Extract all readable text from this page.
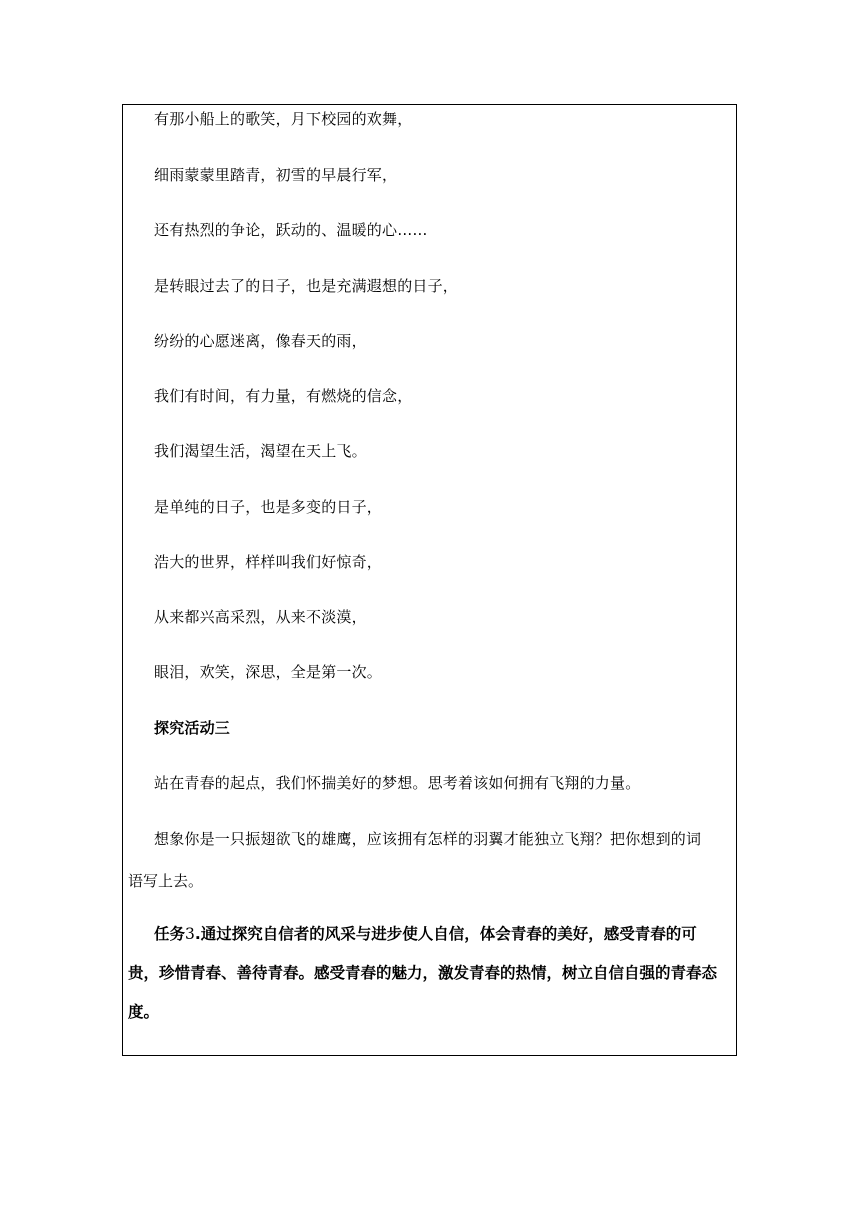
有那小船上的歌笑，月下校园的欢舞，
细雨蒙蒙里踏青，初雪的早晨行军，
还有热烈的争论，跃动的、温暖的心……
是转眼过去了的日子，也是充满遐想的日子，
纷纷的心愿迷离，像春天的雨，
我们有时间，有力量，有燃烧的信念，
我们渴望生活，渴望在天上飞。
是单纯的日子，也是多变的日子，
浩大的世界，样样叫我们好惊奇，
从来都兴高采烈，从来不淡漠，
眼泪，欢笑，深思，全是第一次。
探究活动三
站在青春的起点，我们怀揣美好的梦想。思考着该如何拥有飞翔的力量。
想象你是一只振翅欲飞的雄鹰，应该拥有怎样的羽翼才能独立飞翔？把你想到的词
语写上去。
任务3.通过探究自信者的风采与进步使人自信，体会青春的美好，感受青春的可贵，珍惜青春、善待青春。感受青春的魅力，激发青春的热情，树立自信自强的青春态度。
